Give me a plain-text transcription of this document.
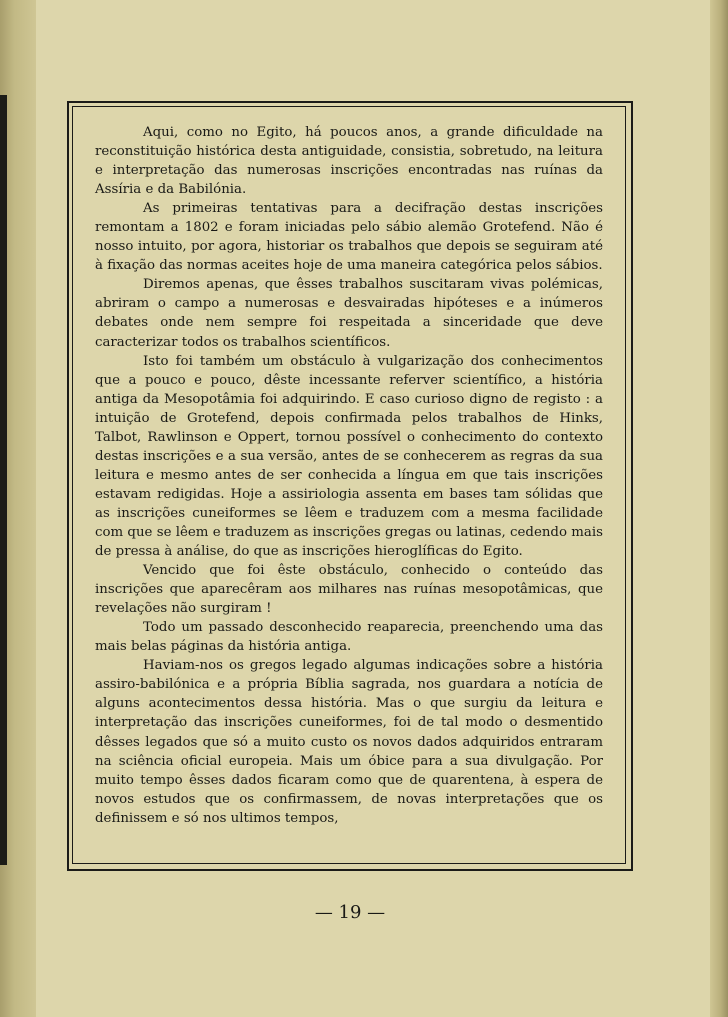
Aqui, como no Egito, há poucos anos, a grande dificuldade na reconstituição histórica desta antiguidade, consistia, sobretudo, na leitura e interpretação das numerosas inscrições encontradas nas ruínas da Assíria e da Babilónia.

As primeiras tentativas para a decifração destas inscrições remontam a 1802 e foram iniciadas pelo sábio alemão Grotefend. Não é nosso intuito, por agora, historiar os trabalhos que depois se seguiram até à fixação das normas aceites hoje de uma maneira categórica pelos sábios.

Diremos apenas, que êsses trabalhos suscitaram vivas polémicas, abriram o campo a numerosas e desvairadas hipóteses e a inúmeros debates onde nem sempre foi respeitada a sinceridade que deve caracterizar todos os trabalhos scientíficos.

Isto foi também um obstáculo à vulgarização dos conhecimentos que a pouco e pouco, dêste incessante referver scientífico, a história antiga da Mesopotâmia foi adquirindo. E caso curioso digno de registo : a intuição de Grotefend, depois confirmada pelos trabalhos de Hinks, Talbot, Rawlinson e Oppert, tornou possível o conhecimento do contexto destas inscrições e a sua versão, antes de se conhecerem as regras da sua leitura e mesmo antes de ser conhecida a língua em que tais inscrições estavam redigidas. Hoje a assiriologia assenta em bases tam sólidas que as inscrições cuneiformes se lêem e traduzem com a mesma facilidade com que se lêem e traduzem as inscrições gregas ou latinas, cedendo mais de pressa à análise, do que as inscrições hieroglíficas do Egito.

Vencido que foi êste obstáculo, conhecido o conteúdo das inscrições que aparecêram aos milhares nas ruínas mesopotâmicas, que revelações não surgiram !

Todo um passado desconhecido reaparecia, preenchendo uma das mais belas páginas da história antiga.

Haviam-nos os gregos legado algumas indicações sobre a história assiro-babilónica e a própria Bíblia sagrada, nos guardara a notícia de alguns acontecimentos dessa história. Mas o que surgiu da leitura e interpretação das inscrições cuneiformes, foi de tal modo o desmentido dêsses legados que só a muito custo os novos dados adquiridos entraram na sciência oficial europeia. Mais um óbice para a sua divulgação. Por muito tempo êsses dados ficaram como que de quarentena, à espera de novos estudos que os confirmassem, de novas interpretações que os definissem e só nos ultimos tempos,

— 19 —
